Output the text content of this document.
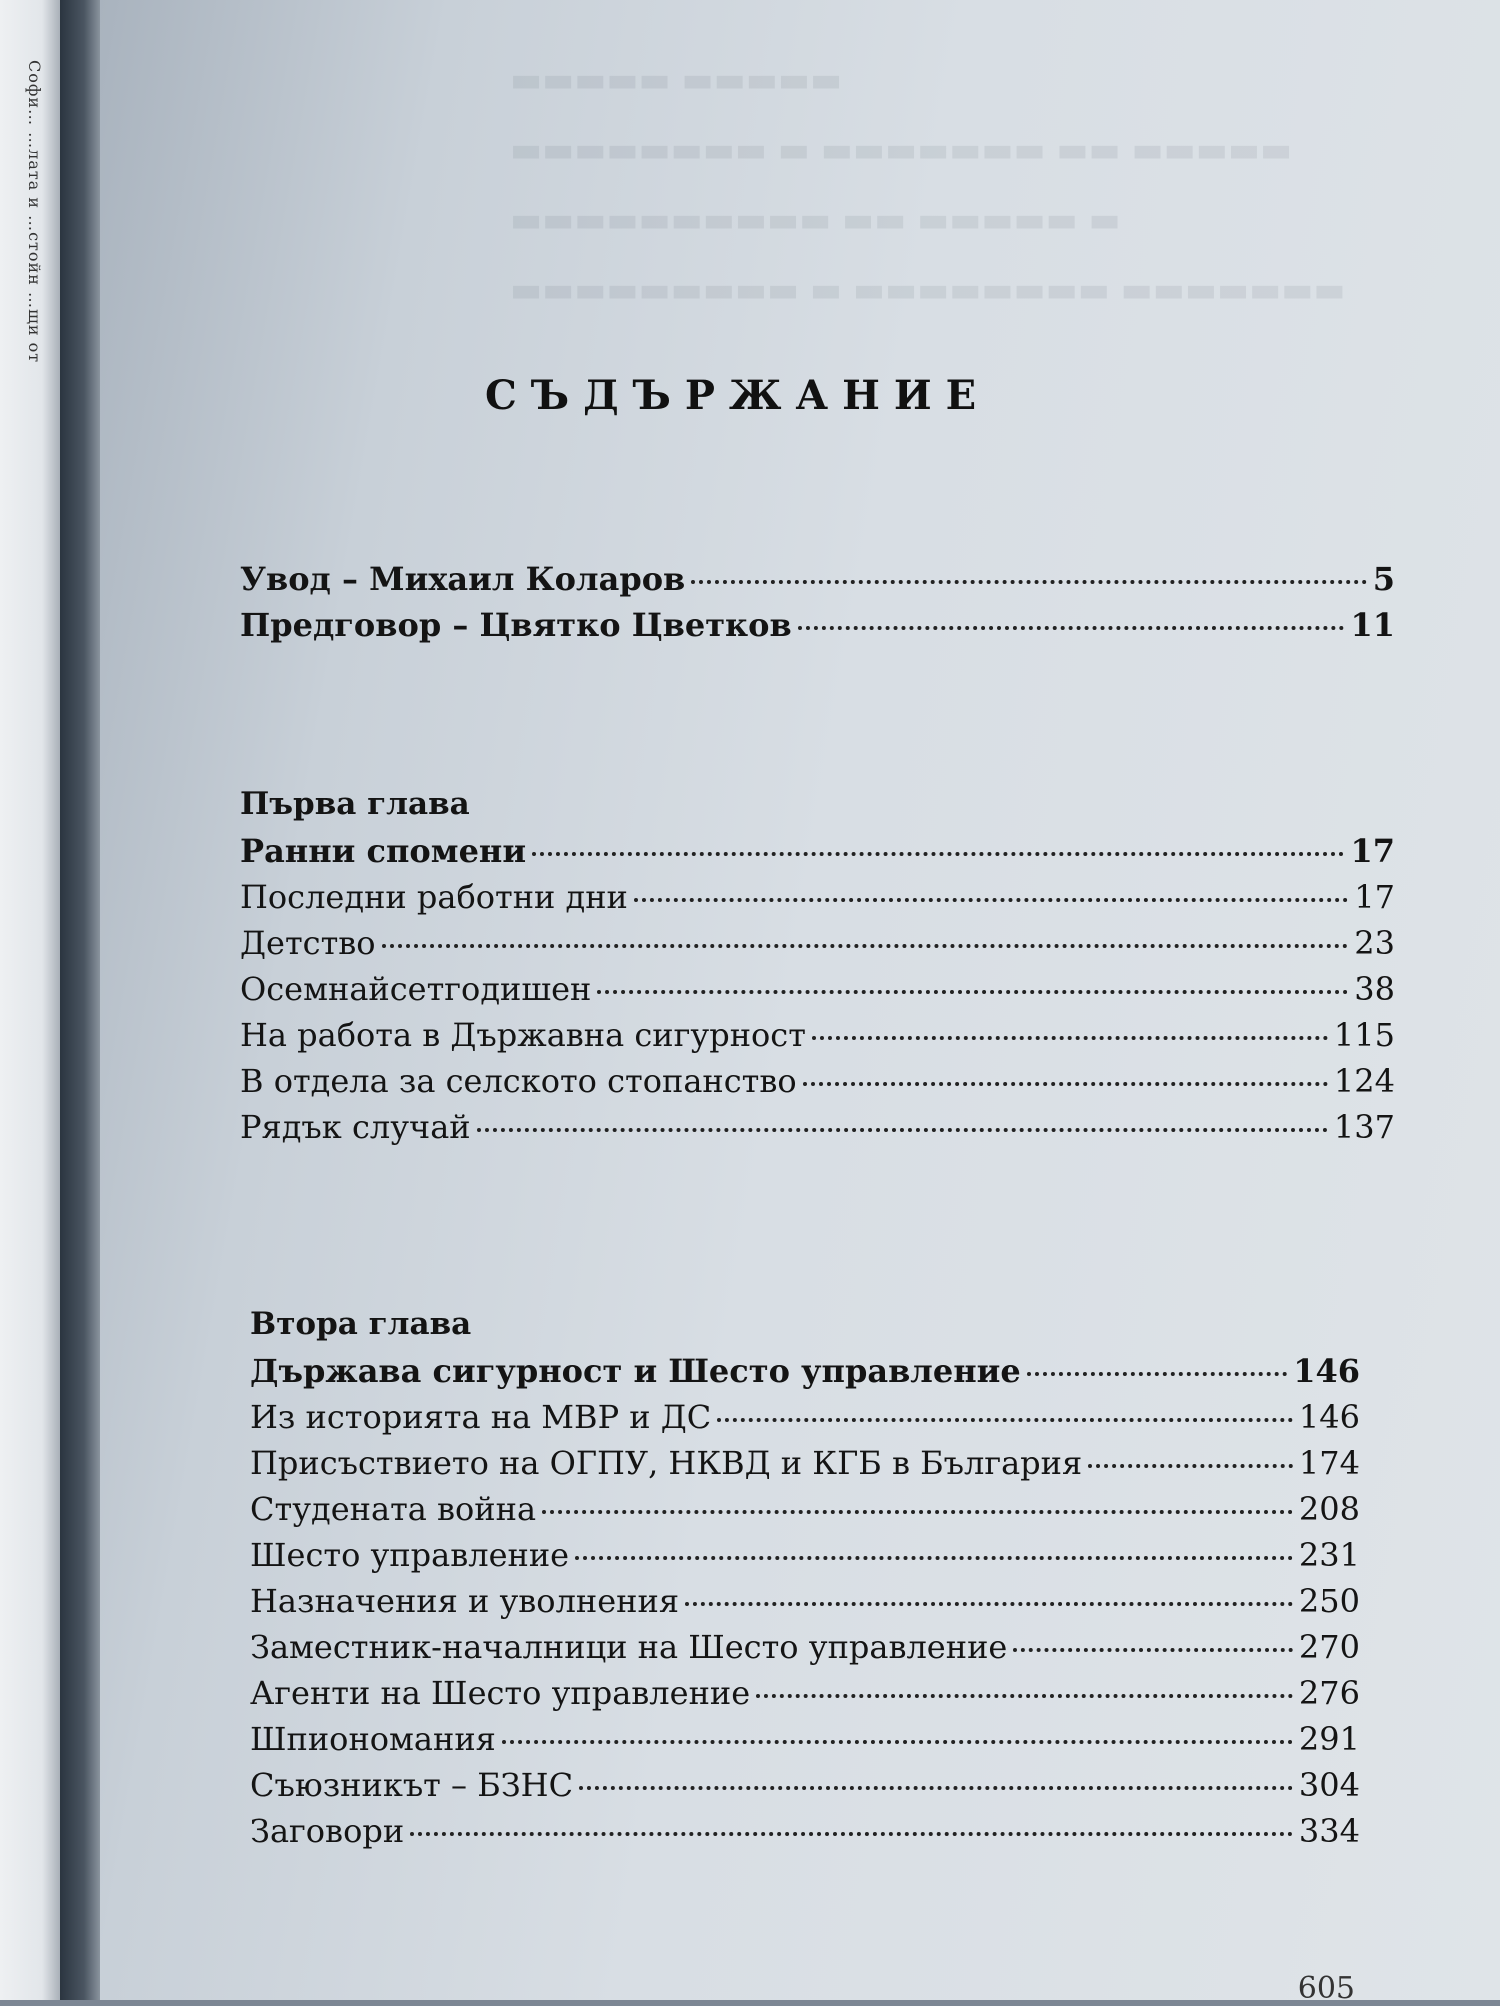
Софи… …лата и …стойн …щи от	▬▬▬▬▬ ▬▬▬▬▬
▬▬▬▬▬ ▬▬ ▬▬▬▬▬▬▬ ▬ ▬▬▬▬▬▬▬▬
▬ ▬▬▬▬▬ ▬▬ ▬▬▬▬▬▬▬▬▬▬
▬▬▬▬▬▬▬ ▬▬▬▬▬▬▬▬ ▬ ▬▬▬▬▬▬▬▬▬
СЪДЪРЖАНИЕ
Увод – Михаил Коларов	5
Предговор – Цвятко Цветков	11
Първа глава
Ранни спомени	17
Последни работни дни	17
Детство	23
Осемнайсетгодишен	38
На работа в Държавна сигурност	115
В отдела за селското стопанство	124
Рядък случай	137
Втора глава
Държава сигурност и Шесто управление	146
Из историята на МВР и ДС	146
Присъствието на ОГПУ, НКВД и КГБ в България	174
Студената война	208
Шесто управление	231
Назначения и уволнения	250
Заместник-началници на Шесто управление	270
Агенти на Шесто управление	276
Шпиономания	291
Съюзникът – БЗНС	304
Заговори	334
605
